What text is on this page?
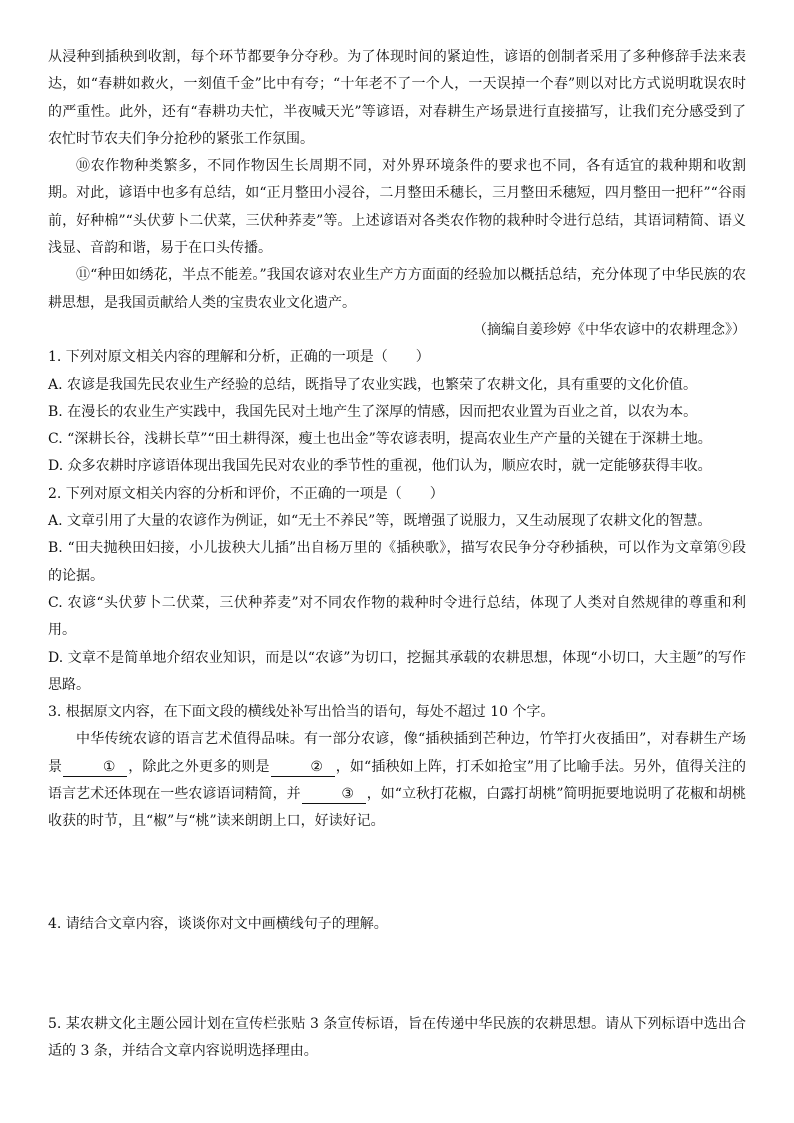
从浸种到插秧到收割，每个环节都要争分夺秒。为了体现时间的紧迫性，谚语的创制者采用了多种修辞手法来表达，如“春耕如救火，一刻值千金”比中有夸；“十年老不了一个人，一天误掉一个春”则以对比方式说明耽误农时的严重性。此外，还有“春耕功夫忙，半夜喊天光”等谚语，对春耕生产场景进行直接描写，让我们充分感受到了农忙时节农夫们争分抢秒的紧张工作氛围。

⑩农作物种类繁多，不同作物因生长周期不同，对外界环境条件的要求也不同，各有适宜的栽种期和收割期。对此，谚语中也多有总结，如“正月整田小浸谷，二月整田禾穗长，三月整田禾穗短，四月整田一把秆”“谷雨前，好种棉”“头伏萝卜二伏菜，三伏种荞麦”等。上述谚语对各类农作物的栽种时令进行总结，其语词精简、语义浅显、音韵和谐，易于在口头传播。

⑪“种田如绣花，半点不能差。”我国农谚对农业生产方方面面的经验加以概括总结，充分体现了中华民族的农耕思想，是我国贡献给人类的宝贵农业文化遗产。

（摘编自姜珍婷《中华农谚中的农耕理念》）

1. 下列对原文相关内容的理解和分析，正确的一项是（　　）

A. 农谚是我国先民农业生产经验的总结，既指导了农业实践，也繁荣了农耕文化，具有重要的文化价值。

B. 在漫长的农业生产实践中，我国先民对土地产生了深厚的情感，因而把农业置为百业之首，以农为本。

C. “深耕长谷，浅耕长草”“田土耕得深，瘦土也出金”等农谚表明，提高农业生产产量的关键在于深耕土地。

D. 众多农耕时序谚语体现出我国先民对农业的季节性的重视，他们认为，顺应农时，就一定能够获得丰收。

2. 下列对原文相关内容的分析和评价，不正确的一项是（　　）

A. 文章引用了大量的农谚作为例证，如“无土不养民”等，既增强了说服力，又生动展现了农耕文化的智慧。

B. “田夫抛秧田妇接，小儿拔秧大儿插”出自杨万里的《插秧歌》，描写农民争分夺秒插秧，可以作为文章第⑨段的论据。

C. 农谚“头伏萝卜二伏菜，三伏种荞麦”对不同农作物的栽种时令进行总结，体现了人类对自然规律的尊重和利用。

D. 文章不是简单地介绍农业知识，而是以“农谚”为切口，挖掘其承载的农耕思想，体现“小切口，大主题”的写作思路。

3. 根据原文内容，在下面文段的横线处补写出恰当的语句，每处不超过 10 个字。

中华传统农谚的语言艺术值得品味。有一部分农谚，像“插秧插到芒种边，竹竿打火夜插田”，对春耕生产场景	① ，除此之外更多的则是	② ，如“插秧如上阵，打禾如抢宝”用了比喻手法。另外，值得关注的语言艺术还体现在一些农谚语词精简，并	③ ，如“立秋打花椒，白露打胡桃”简明扼要地说明了花椒和胡桃收获的时节，且“椒”与“桃”读来朗朗上口，好读好记。

4. 请结合文章内容，谈谈你对文中画横线句子的理解。

5. 某农耕文化主题公园计划在宣传栏张贴 3 条宣传标语，旨在传递中华民族的农耕思想。请从下列标语中选出合适的 3 条，并结合文章内容说明选择理由。
